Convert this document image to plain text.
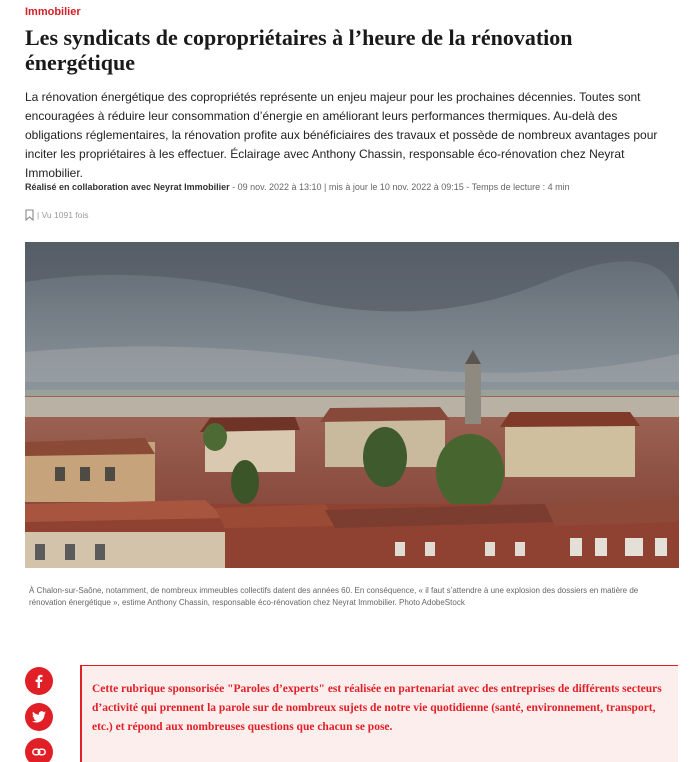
Immobilier
Les syndicats de copropriétaires à l’heure de la rénovation énergétique

La rénovation énergétique des copropriétés représente un enjeu majeur pour les prochaines décennies. Toutes sont encouragées à réduire leur consommation d’énergie en améliorant leurs performances thermiques. Au-delà des obligations réglementaires, la rénovation profite aux bénéficiaires des travaux et possède de nombreux avantages pour inciter les propriétaires à les effectuer. Éclairage avec Anthony Chassin, responsable éco-rénovation chez Neyrat Immobilier.

Réalisé en collaboration avec Neyrat Immobilier - 09 nov. 2022 à 13:10 | mis à jour le 10 nov. 2022 à 09:15 - Temps de lecture : 4 min
| Vu 1091 fois

À Chalon-sur-Saône, notamment, de nombreux immeubles collectifs datent des années 60. En conséquence, « il faut s’attendre à une explosion des dossiers en matière de rénovation énergétique », estime Anthony Chassin, responsable éco-rénovation chez Neyrat Immobilier. Photo AdobeStock

Cette rubrique sponsorisée "Paroles d’experts" est réalisée en partenariat avec des entreprises de différents secteurs d’activité qui prennent la parole sur de nombreux sujets de notre vie quotidienne (santé, environnement, transport, etc.) et répond aux nombreuses questions que chacun se pose.
